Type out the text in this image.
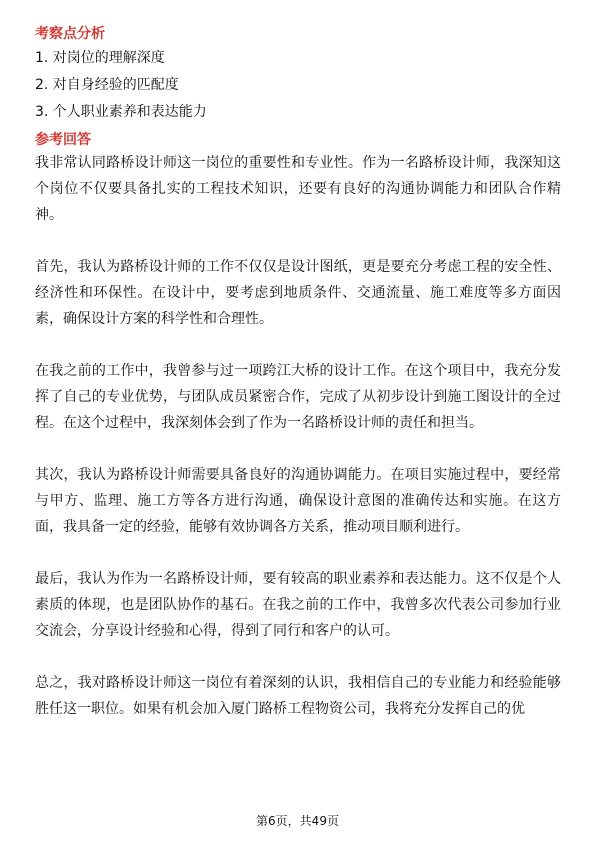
考察点分析
1. 对岗位的理解深度
2. 对自身经验的匹配度
3. 个人职业素养和表达能力
参考回答

我非常认同路桥设计师这一岗位的重要性和专业性。作为一名路桥设计师，我深知这个岗位不仅要具备扎实的工程技术知识，还要有良好的沟通协调能力和团队合作精神。

首先，我认为路桥设计师的工作不仅仅是设计图纸，更是要充分考虑工程的安全性、经济性和环保性。在设计中，要考虑到地质条件、交通流量、施工难度等多方面因素，确保设计方案的科学性和合理性。

在我之前的工作中，我曾参与过一项跨江大桥的设计工作。在这个项目中，我充分发挥了自己的专业优势，与团队成员紧密合作，完成了从初步设计到施工图设计的全过程。在这个过程中，我深刻体会到了作为一名路桥设计师的责任和担当。

其次，我认为路桥设计师需要具备良好的沟通协调能力。在项目实施过程中，要经常与甲方、监理、施工方等各方进行沟通，确保设计意图的准确传达和实施。在这方面，我具备一定的经验，能够有效协调各方关系，推动项目顺利进行。

最后，我认为作为一名路桥设计师，要有较高的职业素养和表达能力。这不仅是个人素质的体现，也是团队协作的基石。在我之前的工作中，我曾多次代表公司参加行业交流会，分享设计经验和心得，得到了同行和客户的认可。

总之，我对路桥设计师这一岗位有着深刻的认识，我相信自己的专业能力和经验能够胜任这一职位。如果有机会加入厦门路桥工程物资公司，我将充分发挥自己的优

第6页，共49页
